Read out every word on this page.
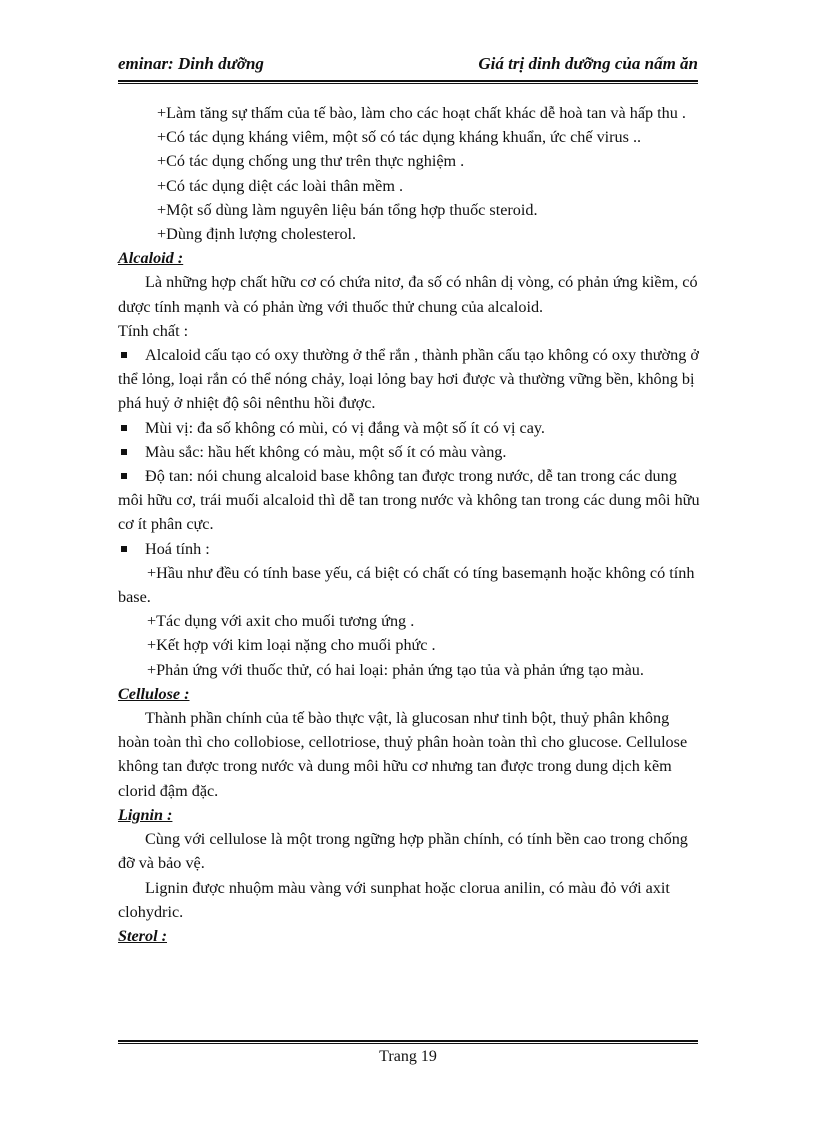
eminar: Dinh dưỡng	Giá trị dinh dưỡng của nấm ăn

+Làm tăng sự thấm của tế bào, làm cho các hoạt chất khác dễ hoà tan và hấp thu .

+Có tác dụng kháng viêm, một số có tác dụng kháng khuẩn, ức chế virus ..

+Có tác dụng chống ung thư trên thực nghiệm .

+Có tác dụng diệt các loài thân mềm .

+Một số dùng làm nguyên liệu bán tổng hợp thuốc steroid.

+Dùng định lượng cholesterol.

Alcaloid :

Là những hợp chất hữu cơ có chứa nitơ, đa số có nhân dị vòng, có phản ứng kiềm, có dược tính mạnh và có phản ừng với thuốc thử chung của alcaloid.

Tính chất :

Alcaloid cấu tạo có oxy thường ở thể rắn , thành phần cấu tạo không có oxy thường ở thể lỏng, loại rắn có thể nóng chảy, loại lỏng bay hơi được và thường vững bền, không bị phá huỷ ở nhiệt độ sôi nênthu hồi được.

Mùi vị: đa số không có mùi, có vị đắng và một số ít có vị cay.

Màu sắc: hầu hết không có màu, một số ít có màu vàng.

Độ tan: nói chung alcaloid base không tan được trong nước, dễ tan trong các dung môi hữu cơ, trái muối alcaloid thì dễ tan trong nước và không tan trong các dung môi hữu cơ ít phân cực.

Hoá tính :

+Hầu như đều có tính base yếu, cá biệt có chất có tíng basemạnh hoặc không có tính base.

+Tác dụng với axit cho muối tương ứng .

+Kết hợp với kim loại nặng cho muối phức .

+Phản ứng với thuốc thử, có hai loại: phản ứng tạo tủa và phản ứng tạo màu.

Cellulose :

Thành phần chính của tế bào thực vật, là glucosan như tinh bột, thuỷ phân không hoàn toàn thì cho collobiose, cellotriose, thuỷ phân hoàn toàn thì cho glucose. Cellulose không tan được trong nước và dung môi hữu cơ nhưng tan được trong dung dịch kẽm clorid đậm đặc.

Lignin :

Cùng với cellulose là một trong ngững hợp phần chính, có tính bền cao trong chống đỡ và bảo vệ.

Lignin được nhuộm màu vàng với sunphat hoặc clorua anilin, có màu đỏ với axit clohydric.

Sterol :

Trang 19
